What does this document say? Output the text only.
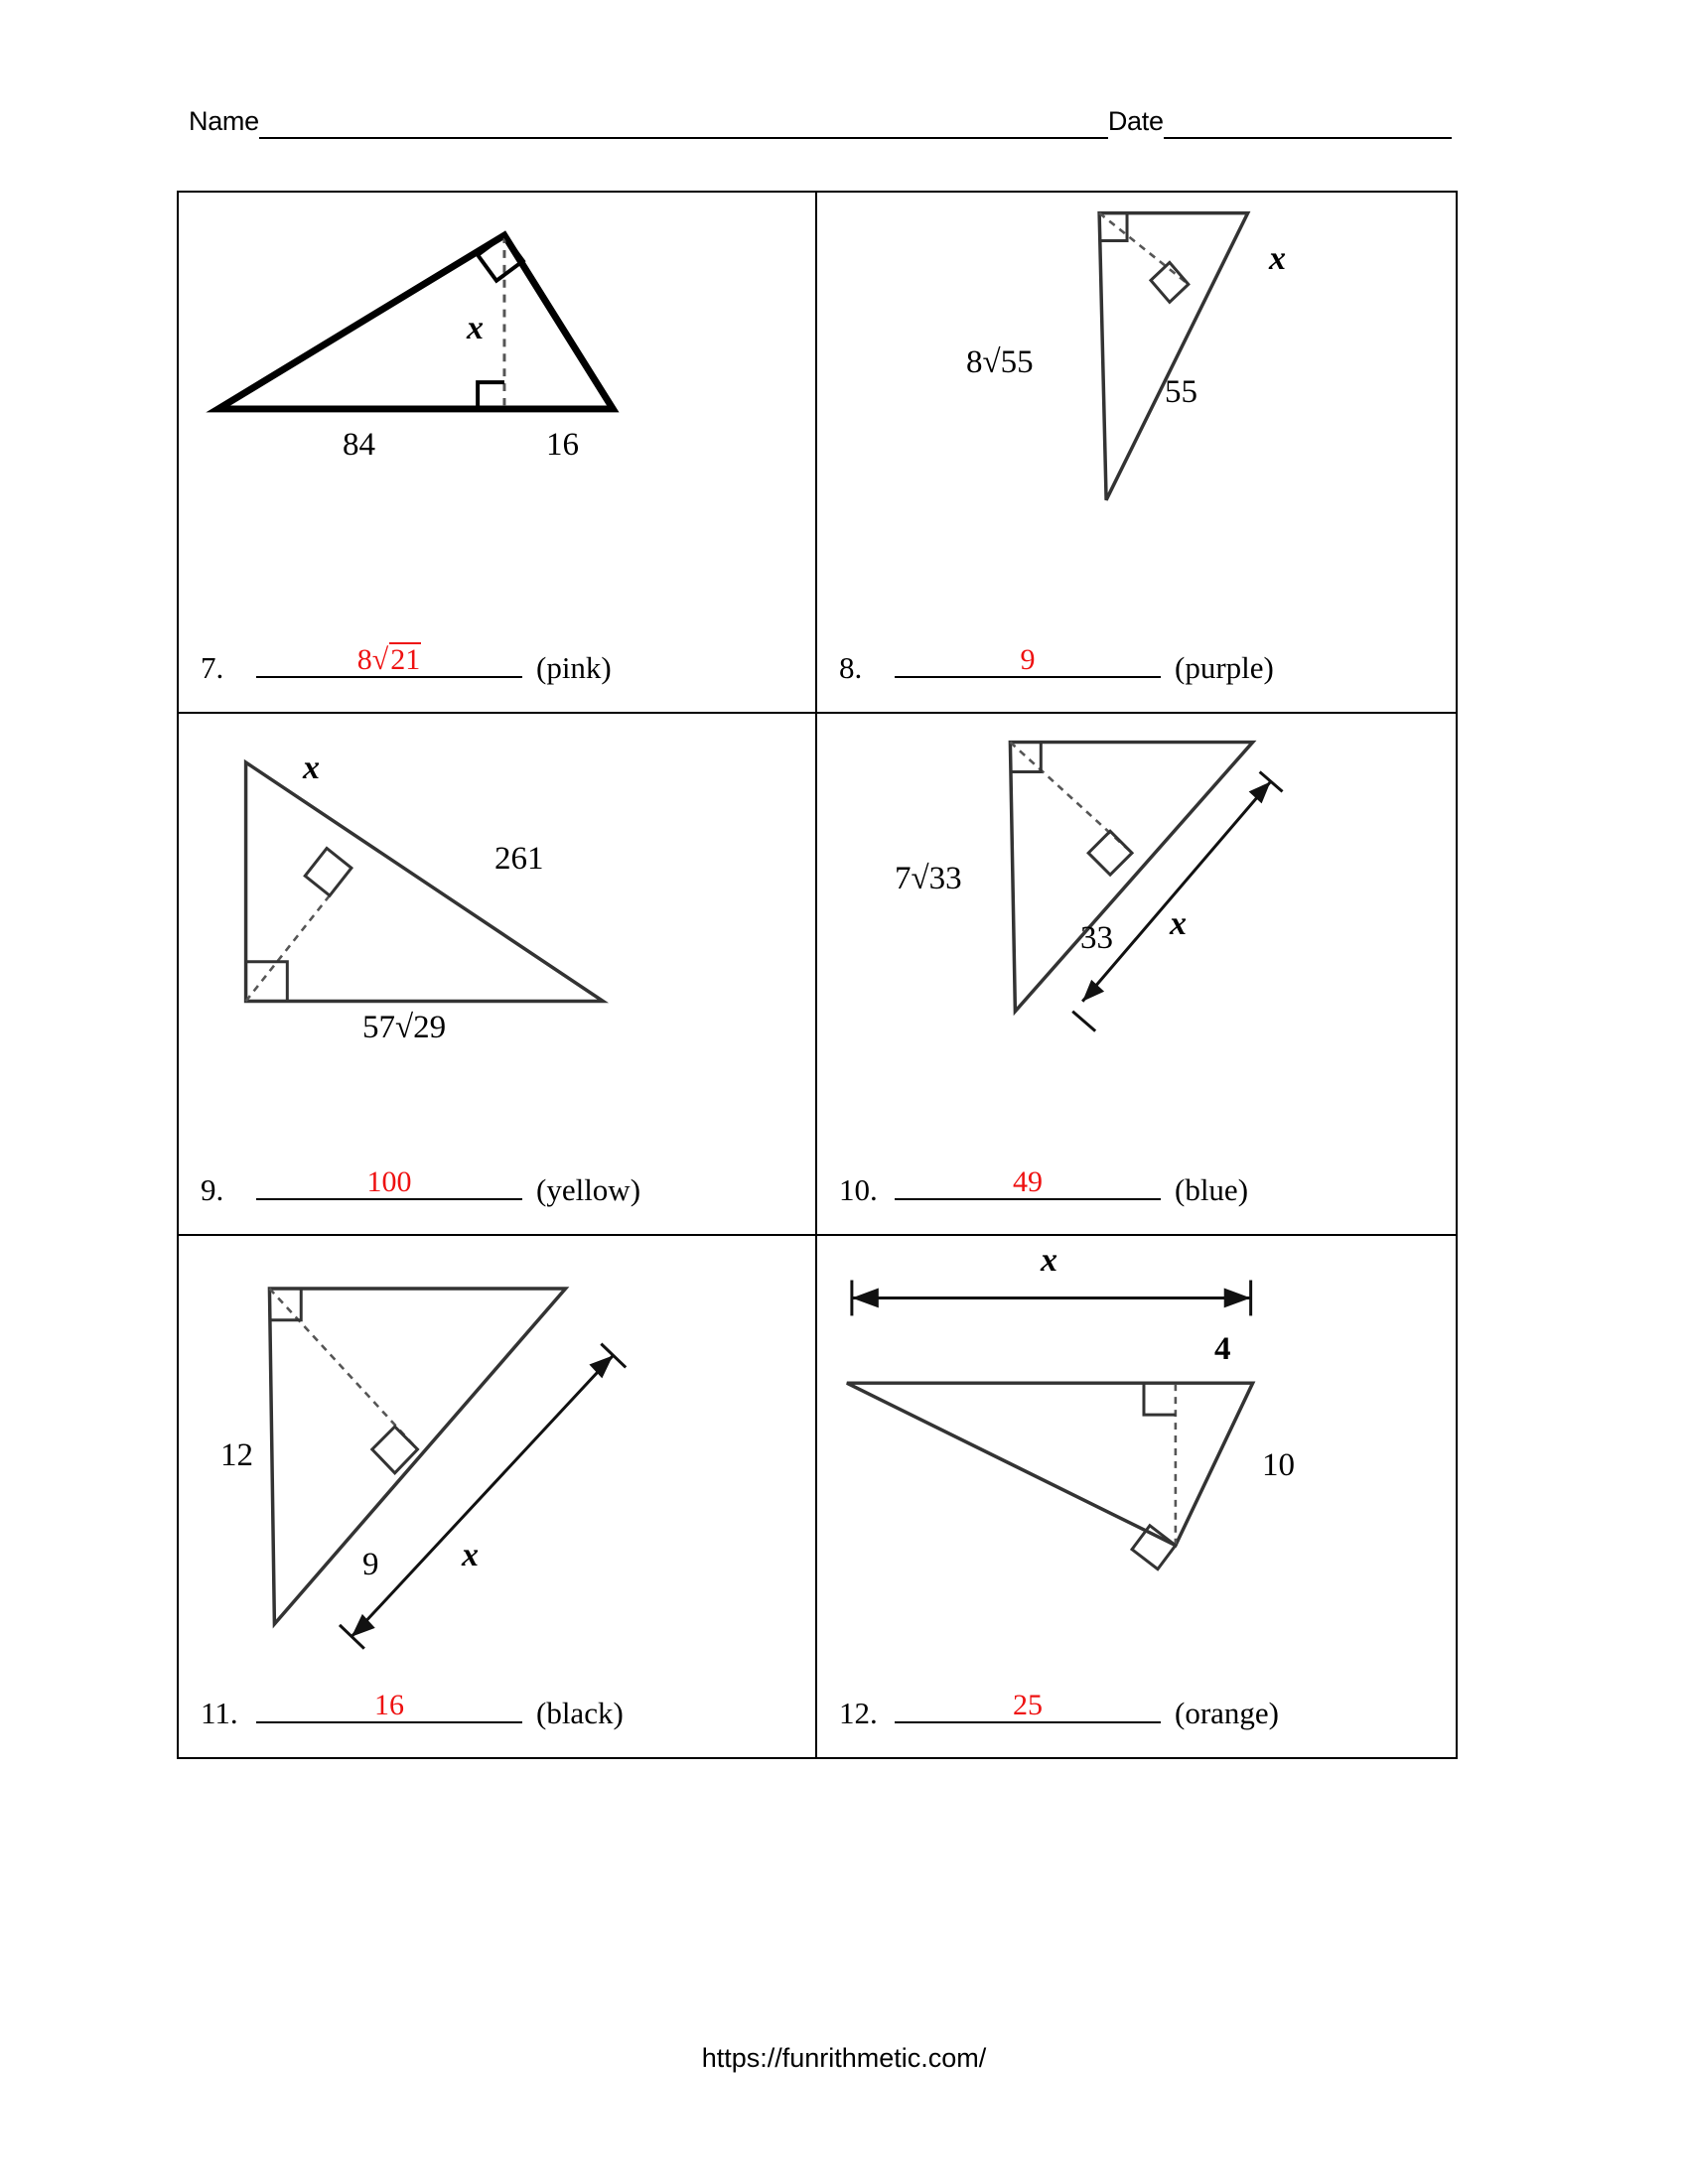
Name	Date
x
84	16
7.	8√21	(pink)
x
8√55
55
8.	9	(purple)
x
261
57√29
9.	100	(yellow)
7√33
33 x
10.	49	(blue)
12
9 x
11.	16	(black)
x
4
10
12.	25	(orange)
https://funrithmetic.com/
